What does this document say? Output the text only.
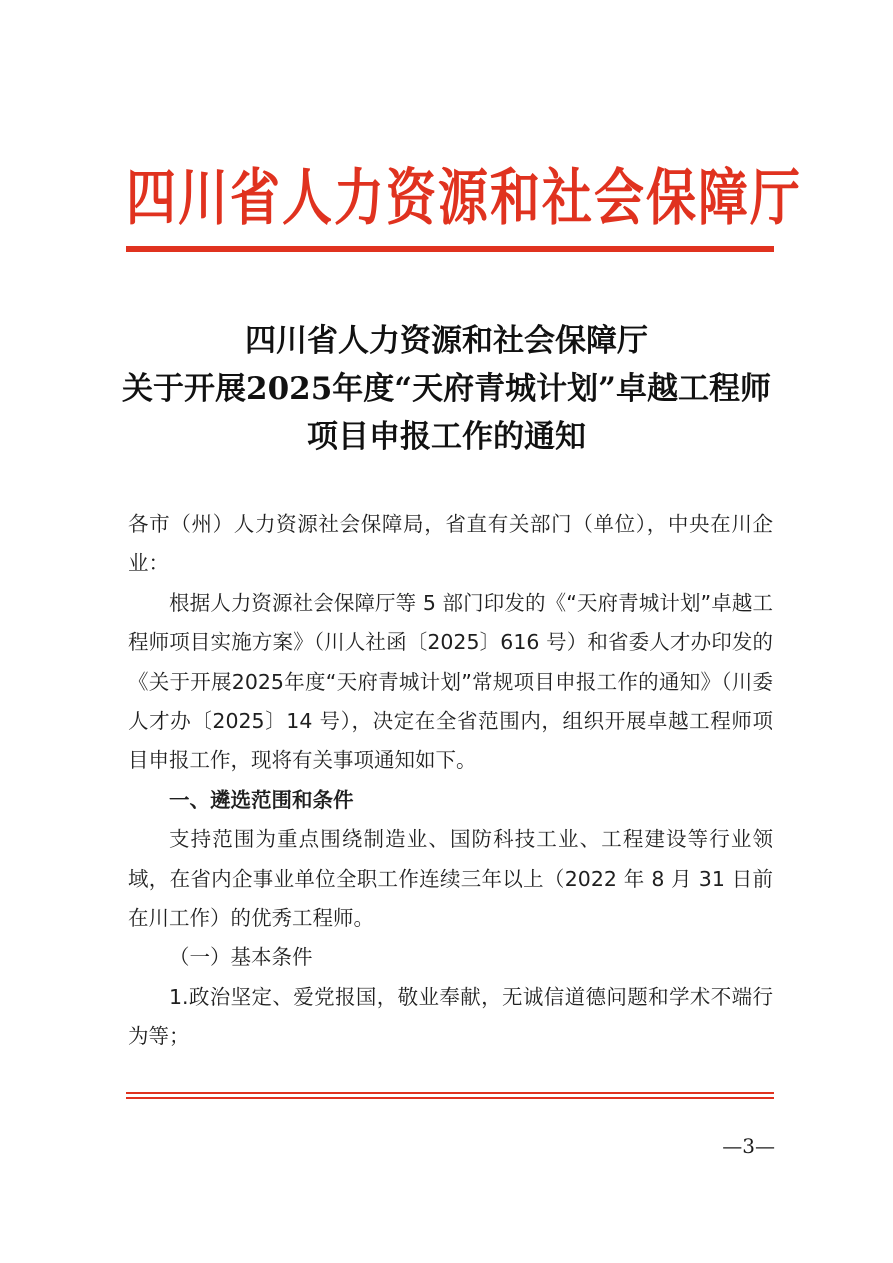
四川省人力资源和社会保障厅
四川省人力资源和社会保障厅
关于开展2025年度“天府青城计划”卓越工程师
项目申报工作的通知

各市（州）人力资源社会保障局，省直有关部门（单位），中央在川企业：

根据人力资源社会保障厅等 5 部门印发的《“天府青城计划”卓越工程师项目实施方案》（川人社函〔2025〕616 号）和省委人才办印发的《关于开展2025年度“天府青城计划”常规项目申报工作的通知》（川委人才办〔2025〕14 号），决定在全省范围内，组织开展卓越工程师项目申报工作，现将有关事项通知如下。

一、遴选范围和条件

支持范围为重点围绕制造业、国防科技工业、工程建设等行业领域，在省内企事业单位全职工作连续三年以上（2022 年 8 月 31 日前在川工作）的优秀工程师。

（一）基本条件

1.政治坚定、爱党报国，敬业奉献，无诚信道德问题和学术不端行为等；

—3—
